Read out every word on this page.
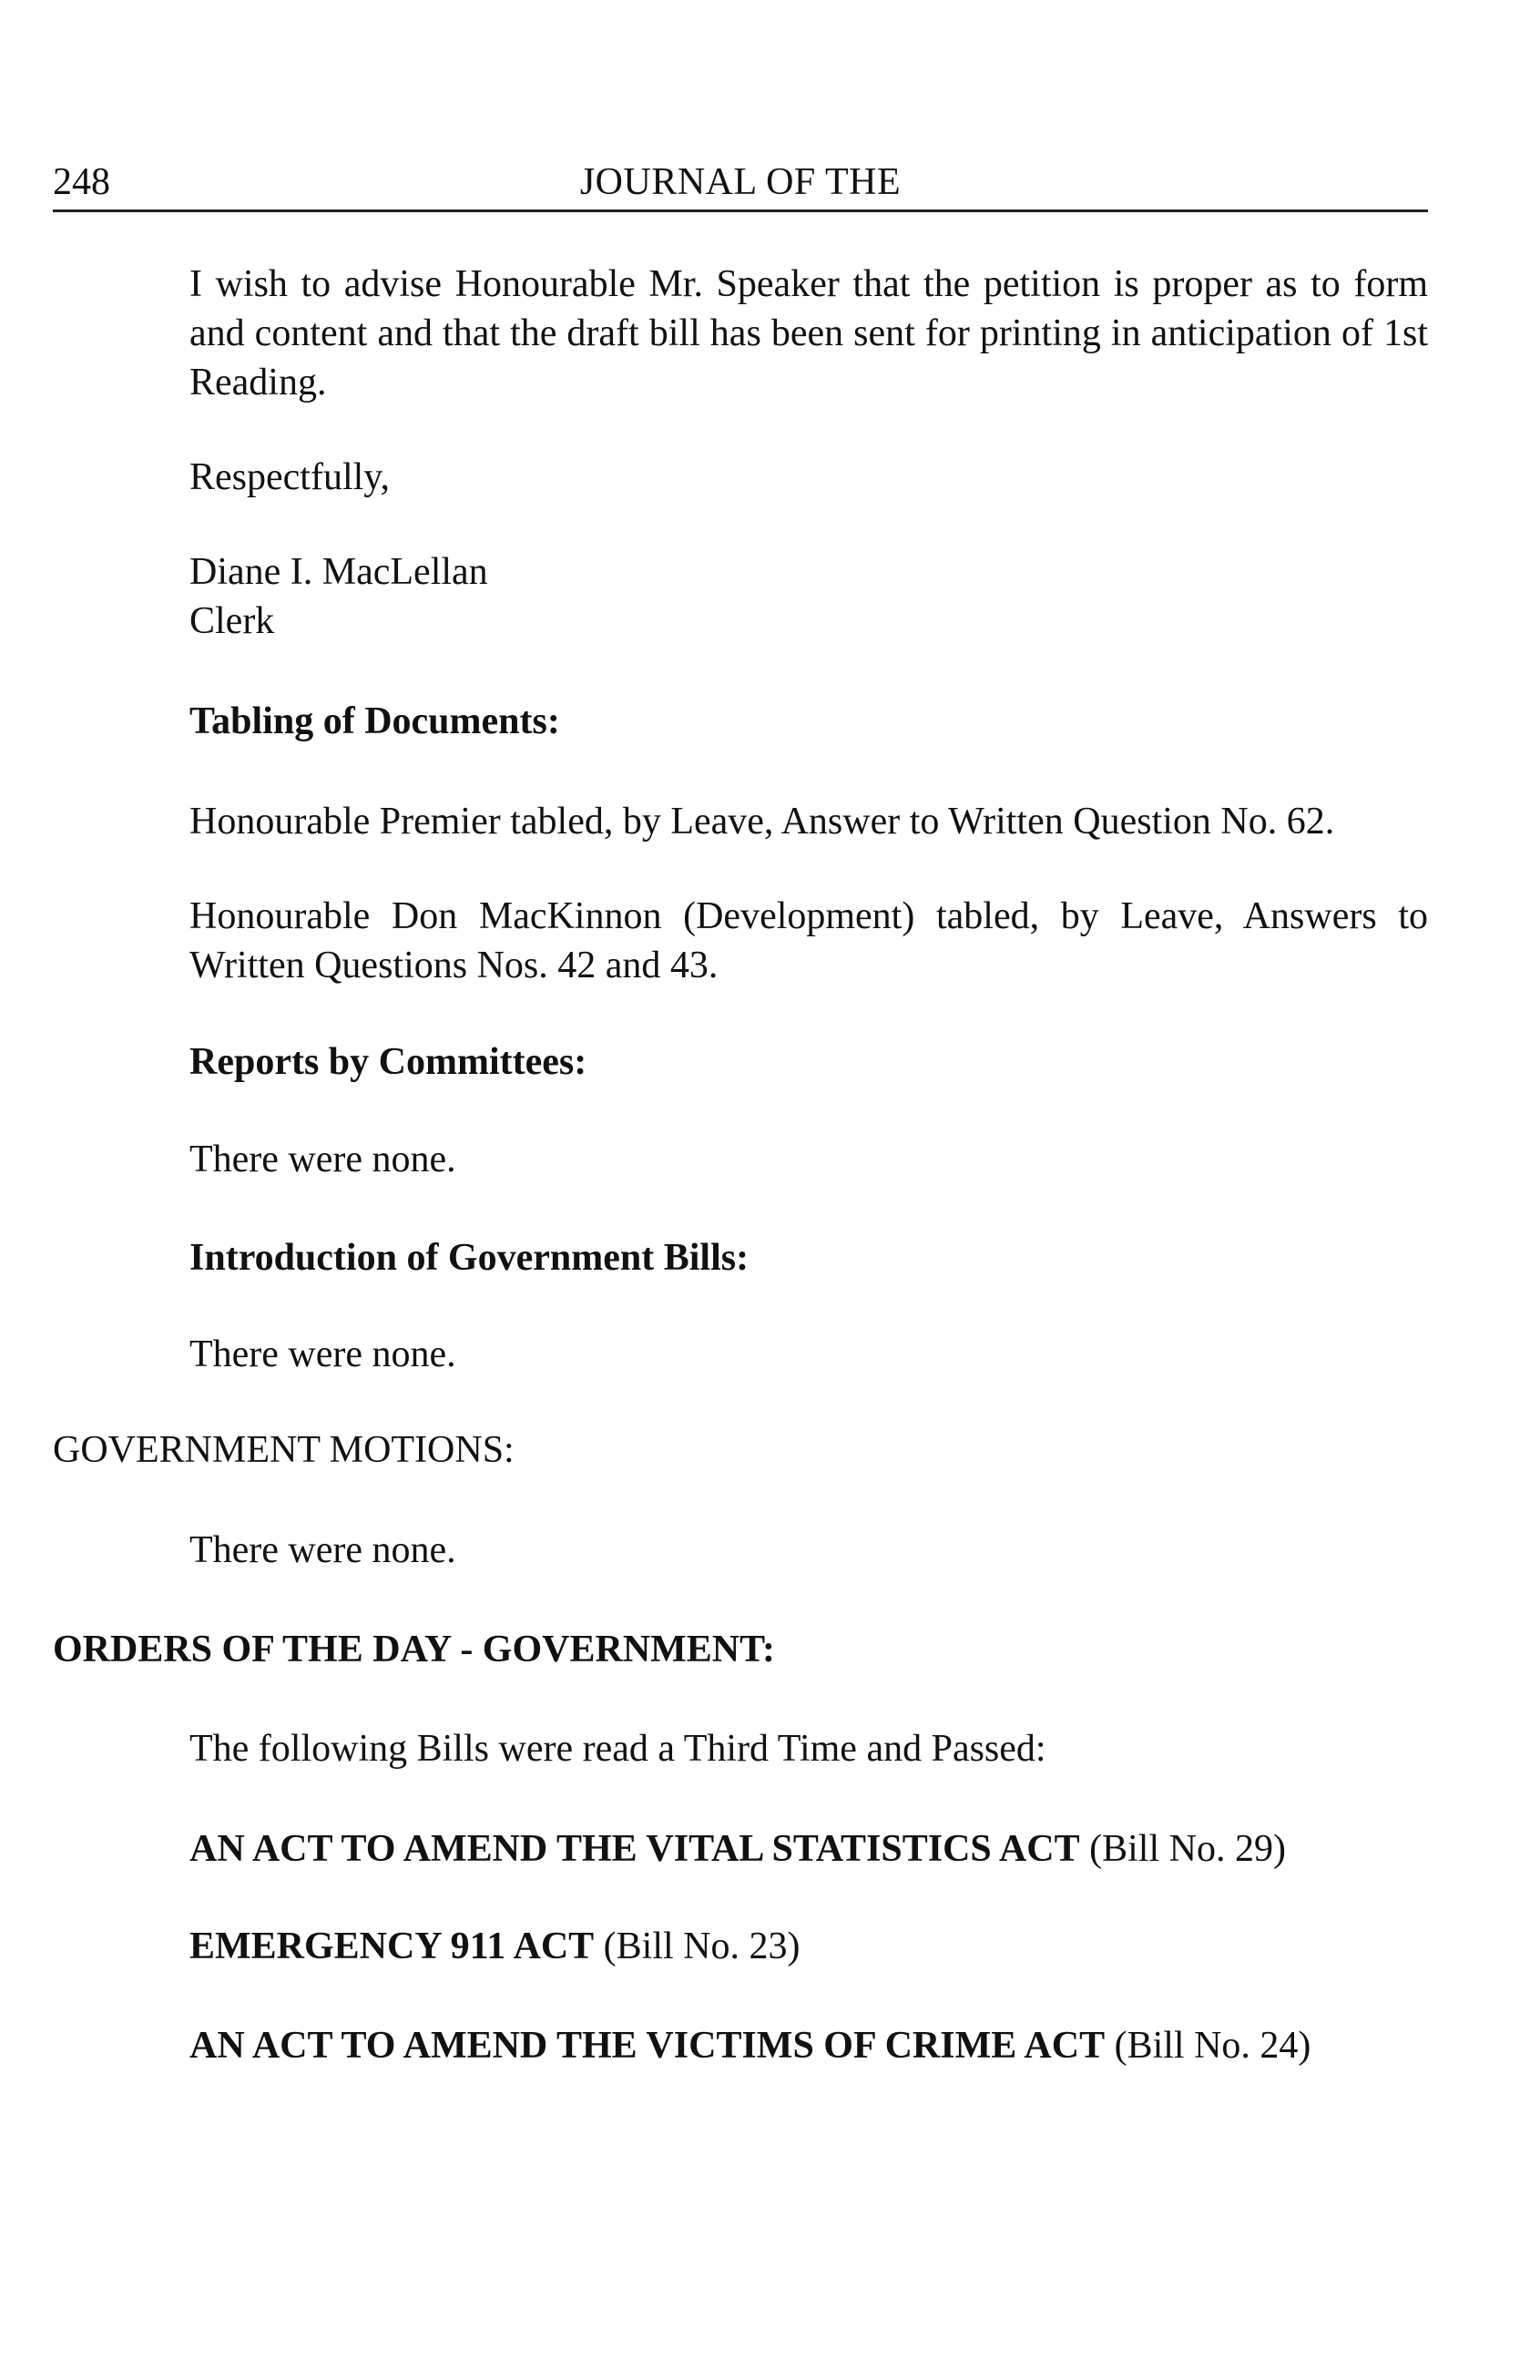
248	JOURNAL OF THE
I wish to advise Honourable Mr. Speaker that the petition is proper as to form and content and that the draft bill has been sent for printing in anticipation of 1st Reading.
Respectfully,
Diane I. MacLellan
Clerk
Tabling of Documents:
Honourable Premier tabled, by Leave, Answer to Written Question No. 62.
Honourable Don MacKinnon (Development) tabled, by Leave, Answers to Written Questions Nos. 42 and 43.
Reports by Committees:
There were none.
Introduction of Government Bills:
There were none.
GOVERNMENT MOTIONS:
There were none.
ORDERS OF THE DAY - GOVERNMENT:
The following Bills were read a Third Time and Passed:
AN ACT TO AMEND THE VITAL STATISTICS ACT (Bill No. 29)
EMERGENCY 911 ACT (Bill No. 23)
AN ACT TO AMEND THE VICTIMS OF CRIME ACT (Bill No. 24)
